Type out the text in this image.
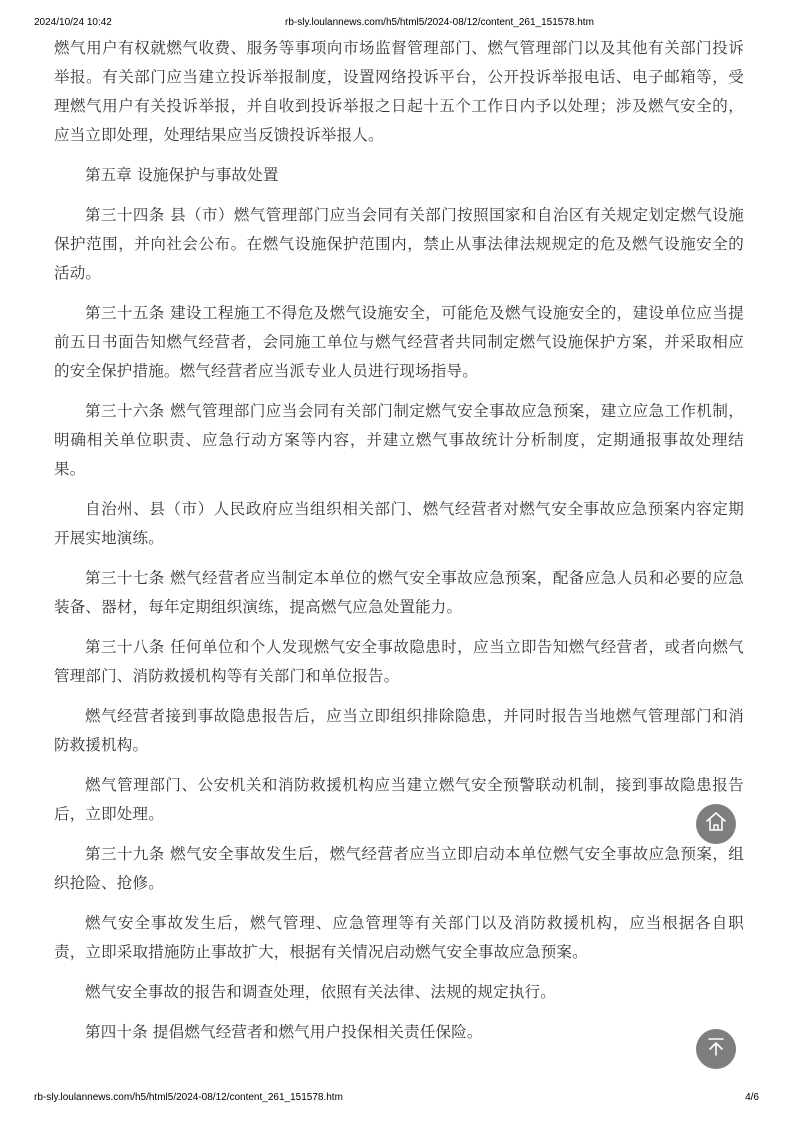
2024/10/24 10:42	rb-sly.loulannews.com/h5/html5/2024-08/12/content_261_151578.htm

燃气用户有权就燃气收费、服务等事项向市场监督管理部门、燃气管理部门以及其他有关部门投诉举报。有关部门应当建立投诉举报制度，设置网络投诉平台，公开投诉举报电话、电子邮箱等，受理燃气用户有关投诉举报，并自收到投诉举报之日起十五个工作日内予以处理；涉及燃气安全的，应当立即处理，处理结果应当反馈投诉举报人。

第五章 设施保护与事故处置

第三十四条 县（市）燃气管理部门应当会同有关部门按照国家和自治区有关规定划定燃气设施保护范围，并向社会公布。在燃气设施保护范围内，禁止从事法律法规规定的危及燃气设施安全的活动。

第三十五条 建设工程施工不得危及燃气设施安全，可能危及燃气设施安全的，建设单位应当提前五日书面告知燃气经营者，会同施工单位与燃气经营者共同制定燃气设施保护方案，并采取相应的安全保护措施。燃气经营者应当派专业人员进行现场指导。

第三十六条 燃气管理部门应当会同有关部门制定燃气安全事故应急预案，建立应急工作机制，明确相关单位职责、应急行动方案等内容，并建立燃气事故统计分析制度，定期通报事故处理结果。

自治州、县（市）人民政府应当组织相关部门、燃气经营者对燃气安全事故应急预案内容定期开展实地演练。

第三十七条 燃气经营者应当制定本单位的燃气安全事故应急预案，配备应急人员和必要的应急装备、器材，每年定期组织演练，提高燃气应急处置能力。

第三十八条 任何单位和个人发现燃气安全事故隐患时，应当立即告知燃气经营者，或者向燃气管理部门、消防救援机构等有关部门和单位报告。

燃气经营者接到事故隐患报告后，应当立即组织排除隐患，并同时报告当地燃气管理部门和消防救援机构。

燃气管理部门、公安机关和消防救援机构应当建立燃气安全预警联动机制，接到事故隐患报告后，立即处理。

第三十九条 燃气安全事故发生后，燃气经营者应当立即启动本单位燃气安全事故应急预案，组织抢险、抢修。

燃气安全事故发生后，燃气管理、应急管理等有关部门以及消防救援机构，应当根据各自职责，立即采取措施防止事故扩大，根据有关情况启动燃气安全事故应急预案。

燃气安全事故的报告和调查处理，依照有关法律、法规的规定执行。

第四十条 提倡燃气经营者和燃气用户投保相关责任保险。

rb-sly.loulannews.com/h5/html5/2024-08/12/content_261_151578.htm	4/6
